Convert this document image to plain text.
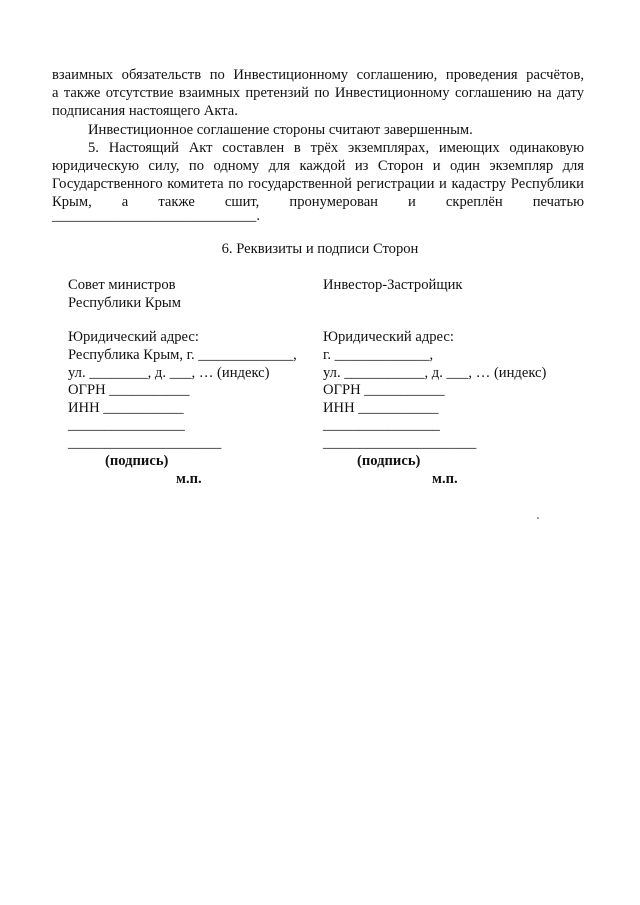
взаимных обязательств по Инвестиционному соглашению, проведения расчётов,
а также отсутствие взаимных претензий по Инвестиционному соглашению на дату
подписания настоящего Акта.
Инвестиционное соглашение стороны считают завершенным.
5. Настоящий Акт составлен в трёх экземплярах, имеющих одинаковую
юридическую силу, по одному для каждой из Сторон и один экземпляр для
Государственного комитета по государственной регистрации и кадастру Республики
Крым, а также сшит, пронумерован и скреплён печатью
____________________________.
6. Реквизиты и подписи Сторон
Совет министров
Республики Крым
Юридический адрес:
Республика Крым, г. _____________,
ул. ________, д. ___, … (индекс)
ОГРН ___________
ИНН ___________
________________
_____________________
(подпись)
м.п.
Инвестор-Застройщик
Юридический адрес:
г. _____________,
ул. ___________, д. ___, … (индекс)
ОГРН ___________
ИНН ___________
________________
_____________________
(подпись)
м.п.
